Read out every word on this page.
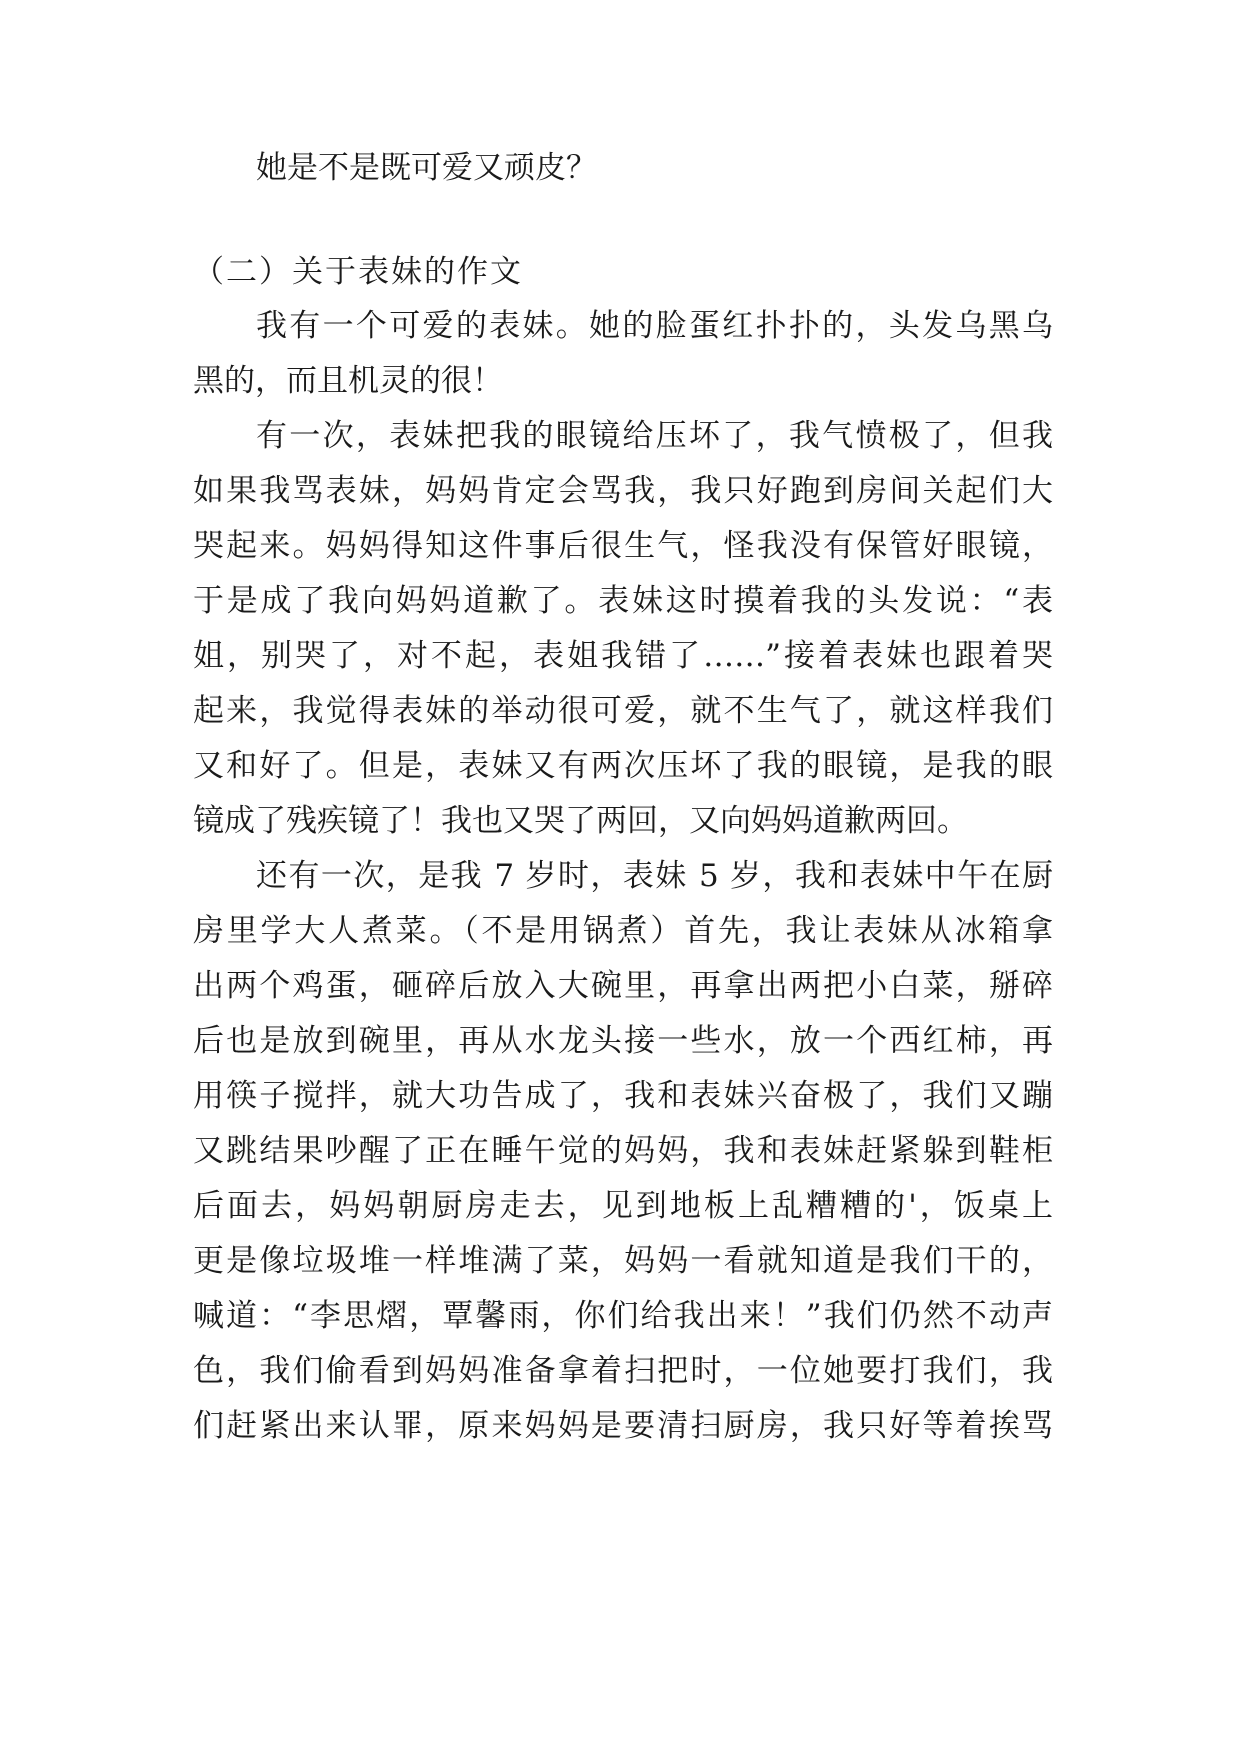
她是不是既可爱又顽皮？
（二）关于表妹的作文
我有一个可爱的表妹。她的脸蛋红扑扑的，头发乌黑乌
黑的，而且机灵的很！
有一次，表妹把我的眼镜给压坏了，我气愤极了，但我
如果我骂表妹，妈妈肯定会骂我，我只好跑到房间关起们大
哭起来。妈妈得知这件事后很生气，怪我没有保管好眼镜，
于是成了我向妈妈道歉了。表妹这时摸着我的头发说：“表
姐，别哭了，对不起，表姐我错了……”接着表妹也跟着哭
起来，我觉得表妹的举动很可爱，就不生气了，就这样我们
又和好了。但是，表妹又有两次压坏了我的眼镜，是我的眼
镜成了残疾镜了！我也又哭了两回，又向妈妈道歉两回。
还有一次，是我 7 岁时，表妹 5 岁，我和表妹中午在厨
房里学大人煮菜。（不是用锅煮）首先，我让表妹从冰箱拿
出两个鸡蛋，砸碎后放入大碗里，再拿出两把小白菜，掰碎
后也是放到碗里，再从水龙头接一些水，放一个西红柿，再
用筷子搅拌，就大功告成了，我和表妹兴奋极了，我们又蹦
又跳结果吵醒了正在睡午觉的妈妈，我和表妹赶紧躲到鞋柜
后面去，妈妈朝厨房走去，见到地板上乱糟糟的'，饭桌上
更是像垃圾堆一样堆满了菜，妈妈一看就知道是我们干的，
喊道：“李思熠，覃馨雨，你们给我出来！”我们仍然不动声
色，我们偷看到妈妈准备拿着扫把时，一位她要打我们，我
们赶紧出来认罪，原来妈妈是要清扫厨房，我只好等着挨骂
